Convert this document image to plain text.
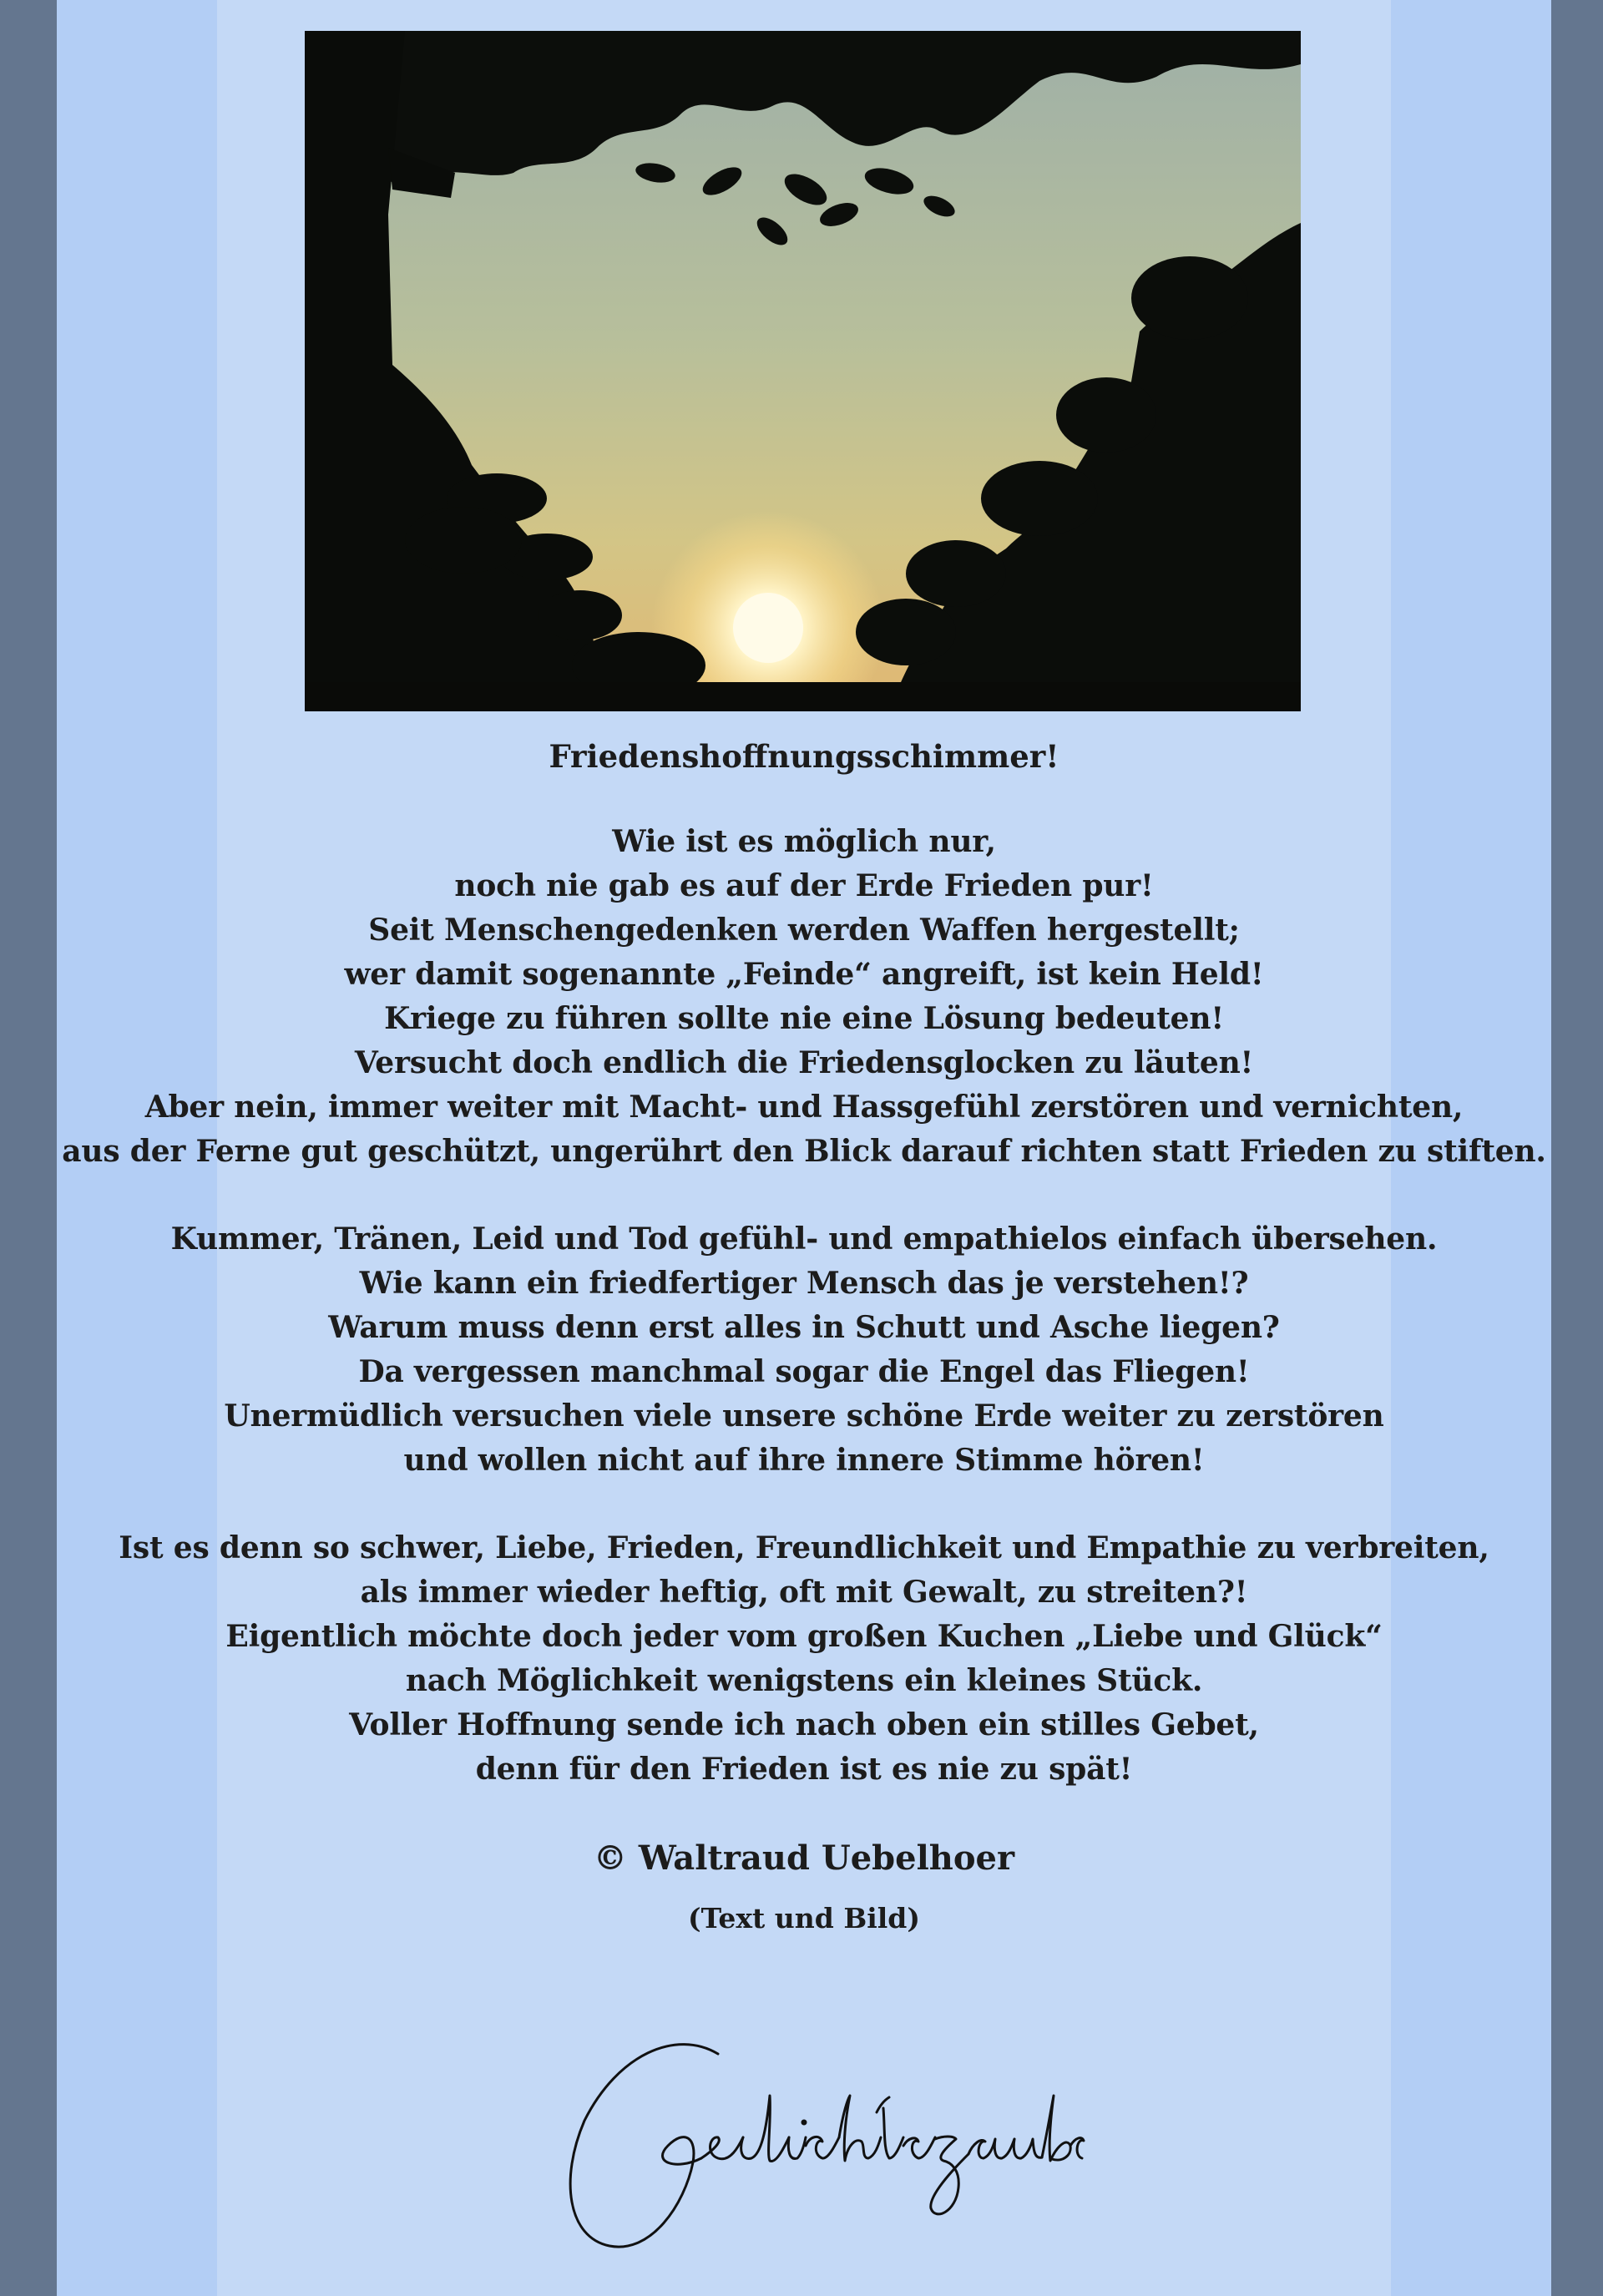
Friedenshoffnungsschimmer!
Wie ist es möglich nur,
noch nie gab es auf der Erde Frieden pur!
Seit Menschengedenken werden Waffen hergestellt;
wer damit sogenannte „Feinde“ angreift, ist kein Held!
Kriege zu führen sollte nie eine Lösung bedeuten!
Versucht doch endlich die Friedensglocken zu läuten!
Aber nein, immer weiter mit Macht- und Hassgefühl zerstören und vernichten,
aus der Ferne gut geschützt, ungerührt den Blick darauf richten statt Frieden zu stiften.
Kummer, Tränen, Leid und Tod gefühl- und empathielos einfach übersehen.
Wie kann ein friedfertiger Mensch das je verstehen!?
Warum muss denn erst alles in Schutt und Asche liegen?
Da vergessen manchmal sogar die Engel das Fliegen!
Unermüdlich versuchen viele unsere schöne Erde weiter zu zerstören
und wollen nicht auf ihre innere Stimme hören!
Ist es denn so schwer, Liebe, Frieden, Freundlichkeit und Empathie zu verbreiten,
als immer wieder heftig, oft mit Gewalt, zu streiten?!
Eigentlich möchte doch jeder vom großen Kuchen „Liebe und Glück“
nach Möglichkeit wenigstens ein kleines Stück.
Voller Hoffnung sende ich nach oben ein stilles Gebet,
denn für den Frieden ist es nie zu spät!
© Waltraud Uebelhoer
(Text und Bild)
